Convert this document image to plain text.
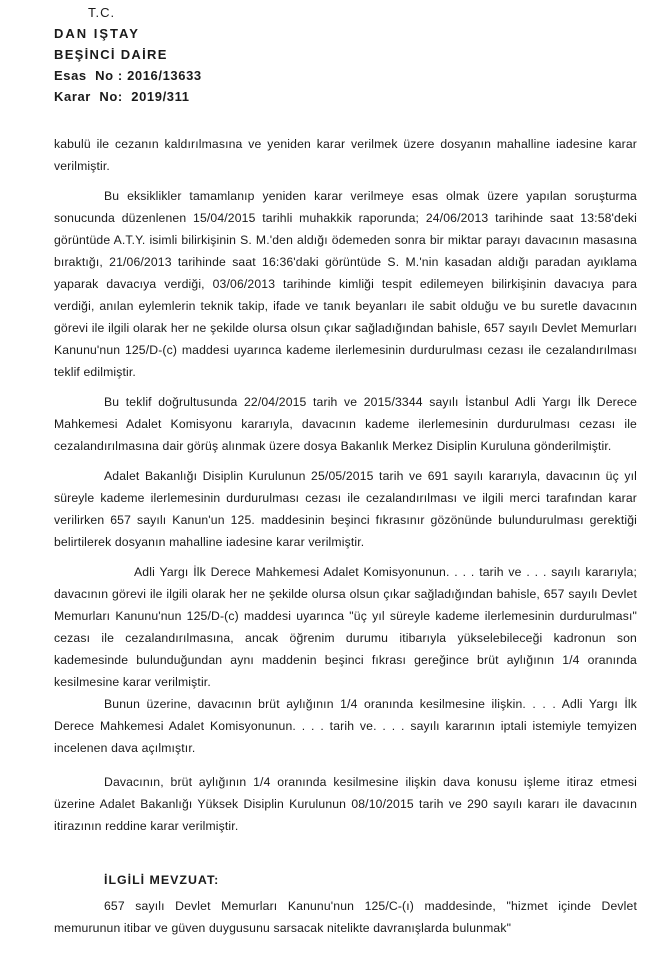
T.C.
DAN IŞTAY
BEŞİNCİ DAİRE
Esas  No : 2016/13633
Karar  No:  2019/311

kabulü ile cezanın kaldırılmasına ve yeniden karar verilmek üzere dosyanın mahalline iadesine karar verilmiştir.

Bu eksiklikler tamamlanıp yeniden karar verilmeye esas olmak üzere yapılan soruşturma sonucunda düzenlenen 15/04/2015 tarihli muhakkik raporunda; 24/06/2013 tarihinde saat 13:58'deki görüntüde A.T.Y. isimli bilirkişinin S. M.'den aldığı ödemeden sonra bir miktar parayı davacının masasına bıraktığı, 21/06/2013 tarihinde saat 16:36'daki görüntüde S. M.'nin kasadan aldığı paradan ayıklama yaparak davacıya verdiği, 03/06/2013 tarihinde kimliği tespit edilemeyen bilirkişinin davacıya para verdiği, anılan eylemlerin teknik takip, ifade ve tanık beyanları ile sabit olduğu ve bu suretle davacının görevi ile ilgili olarak her ne şekilde olursa olsun çıkar sağladığından bahisle, 657 sayılı Devlet Memurları Kanunu'nun 125/D-(c) maddesi uyarınca kademe ilerlemesinin durdurulması cezası ile cezalandırılması teklif edilmiştir.

Bu teklif doğrultusunda 22/04/2015 tarih ve 2015/3344 sayılı İstanbul Adli Yargı İlk Derece Mahkemesi Adalet Komisyonu kararıyla, davacının kademe ilerlemesinin durdurulması cezası ile cezalandırılmasına dair görüş alınmak üzere dosya Bakanlık Merkez Disiplin Kuruluna gönderilmiştir.

Adalet Bakanlığı Disiplin Kurulunun 25/05/2015 tarih ve 691 sayılı kararıyla, davacının üç yıl süreyle kademe ilerlemesinin durdurulması cezası ile cezalandırılması ve ilgili merci tarafından karar verilirken 657 sayılı Kanun'un 125. maddesinin beşinci fıkrasınır gözönünde bulundurulması gerektiği belirtilerek dosyanın mahalline iadesine karar verilmiştir.

Adli Yargı İlk Derece Mahkemesi Adalet Komisyonunun. . . . tarih ve . . . sayılı kararıyla; davacının görevi ile ilgili olarak her ne şekilde olursa olsun çıkar sağladığından bahisle, 657 sayılı Devlet Memurları Kanunu'nun 125/D-(c) maddesi uyarınca "üç yıl süreyle kademe ilerlemesinin durdurulması" cezası ile cezalandırılmasına, ancak öğrenim durumu itibarıyla yükselebileceği kadronun son kademesinde bulunduğundan aynı maddenin beşinci fıkrası gereğince brüt aylığının 1/4 oranında kesilmesine karar verilmiştir.

Bunun üzerine, davacının brüt aylığının 1/4 oranında kesilmesine ilişkin. . . . Adli Yargı İlk Derece Mahkemesi Adalet Komisyonunun. . . . tarih ve. . . . sayılı kararının iptali istemiyle temyizen incelenen dava açılmıştır.

Davacının, brüt aylığının 1/4 oranında kesilmesine ilişkin dava konusu işleme itiraz etmesi üzerine Adalet Bakanlığı Yüksek Disiplin Kurulunun 08/10/2015 tarih ve 290 sayılı kararı ile davacının itirazının reddine karar verilmiştir.

İLGİLİ MEVZUAT:

657 sayılı Devlet Memurları Kanunu'nun 125/C-(ı) maddesinde, "hizmet içinde Devlet memurunun itibar ve güven duygusunu sarsacak nitelikte davranışlarda bulunmak"
